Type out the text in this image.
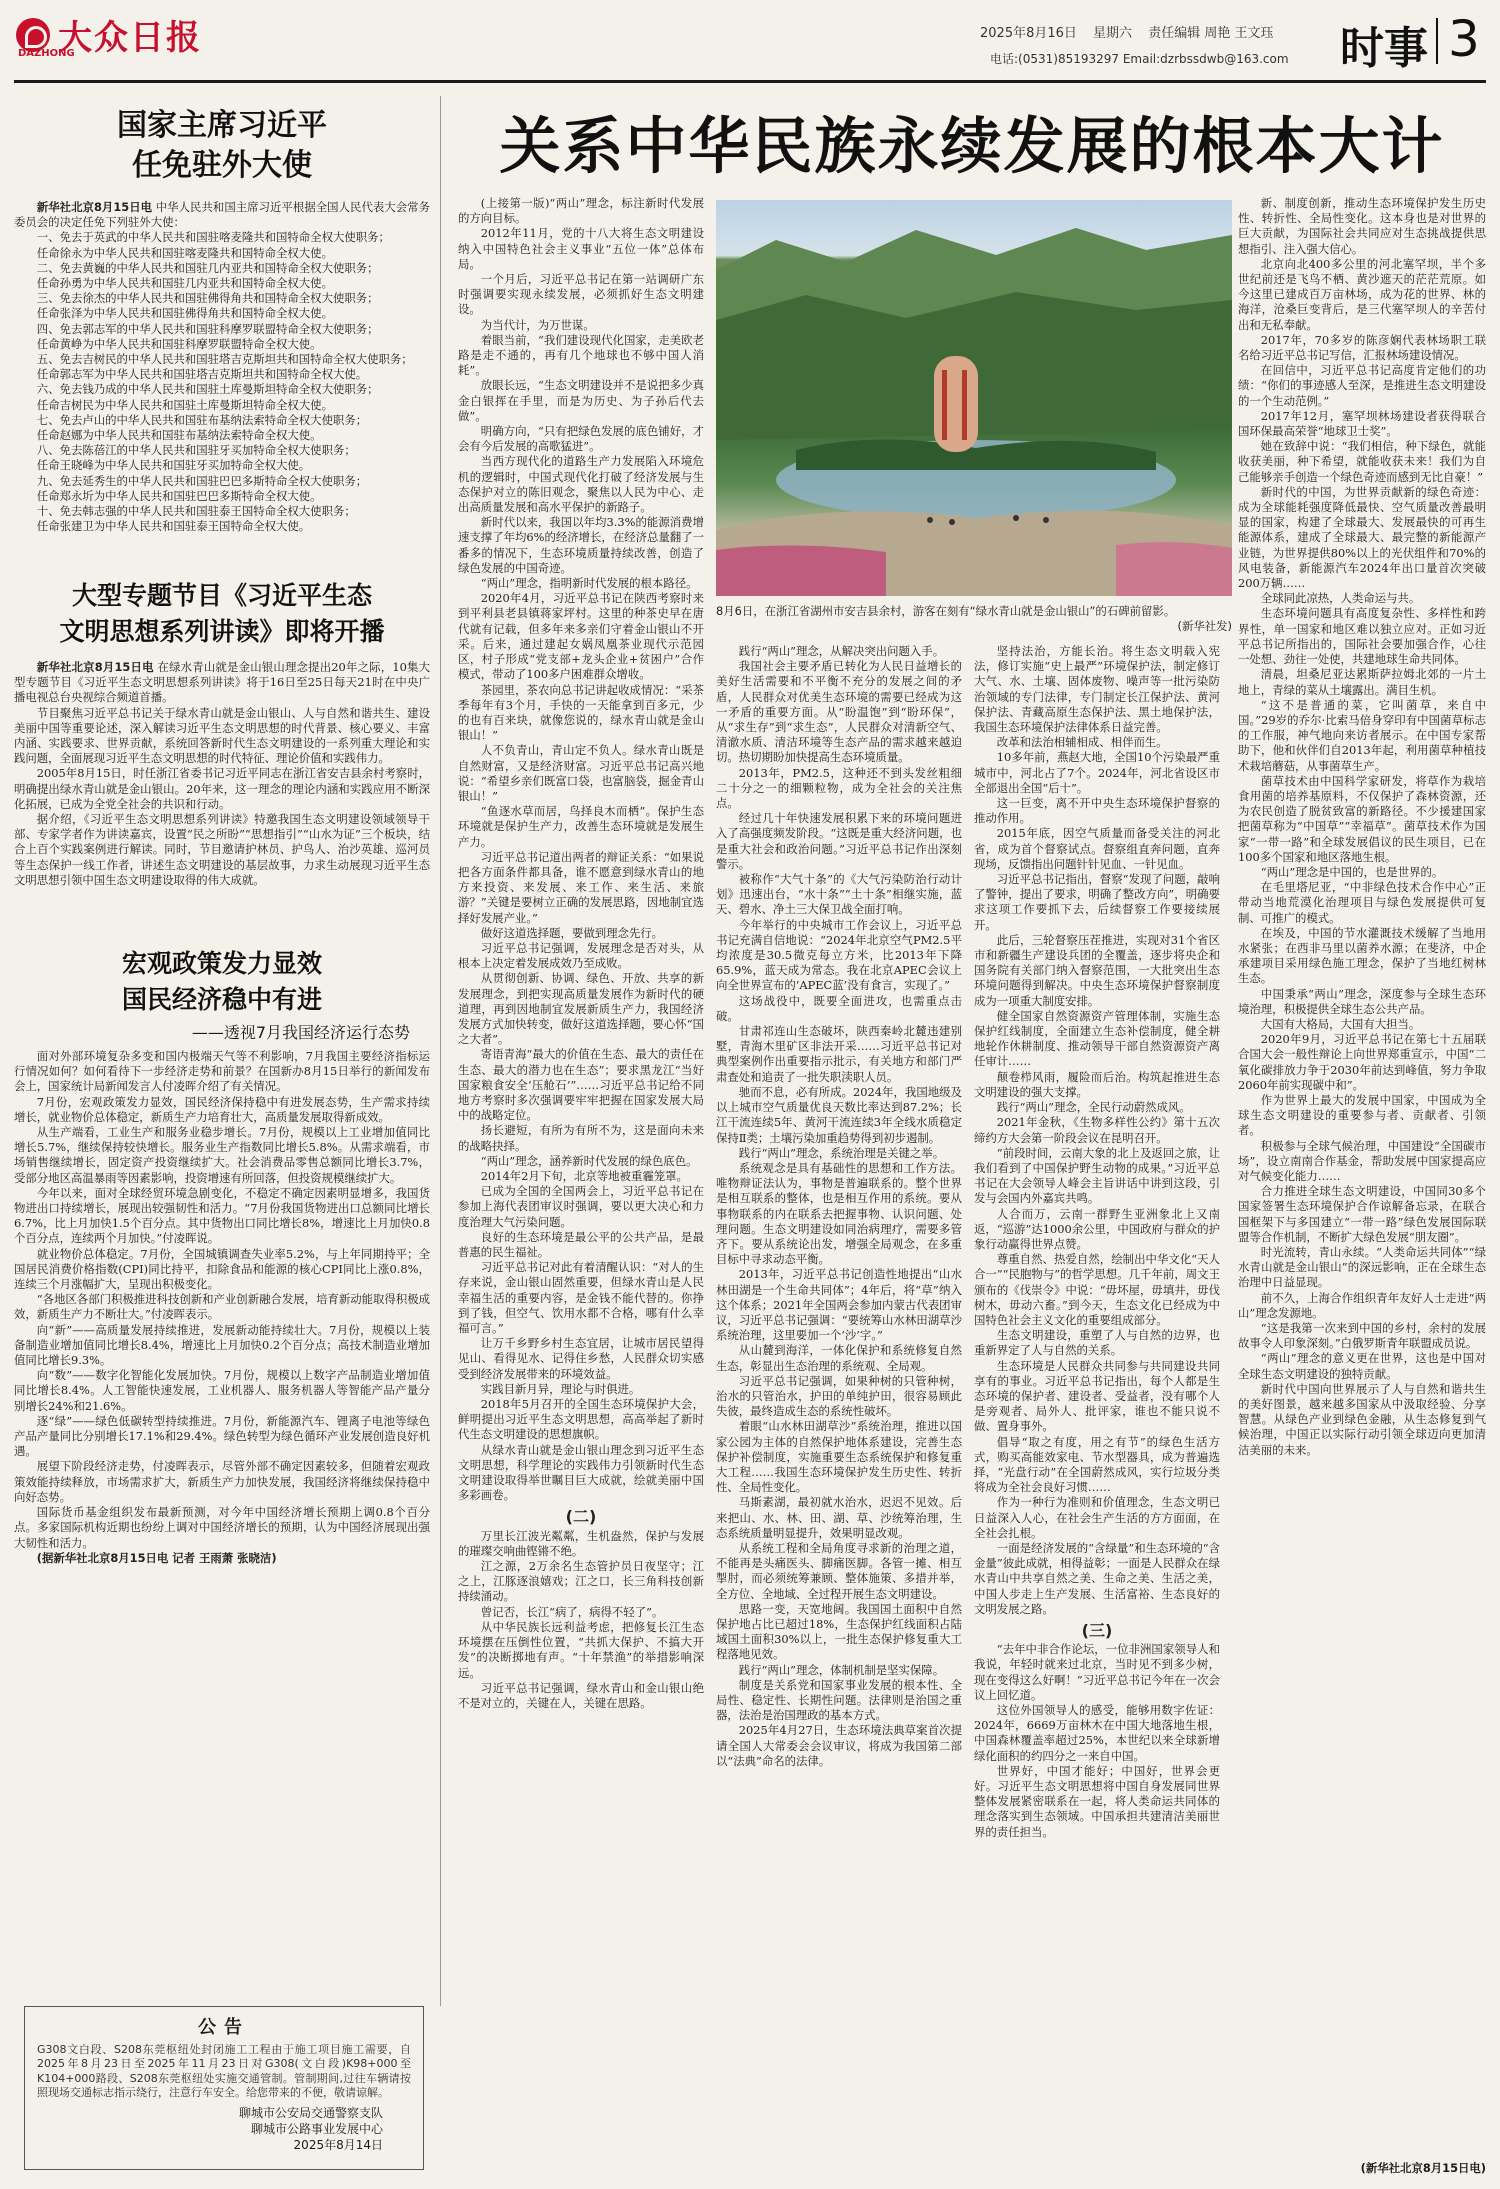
大众日报
DAZHONG
2025年8月16日 星期六 责任编辑 周艳 王文珏
电话:(0531)85193297 Email:dzrbssdwb@163.com 时事 3
国家主席习近平
任免驻外大使

新华社北京8月15日电 中华人民共和国主席习近平根据全国人民代表大会常务委员会的决定任免下列驻外大使：

一、免去于英武的中华人民共和国驻喀麦隆共和国特命全权大使职务；

任命徐永为中华人民共和国驻喀麦隆共和国特命全权大使。

二、免去黄巍的中华人民共和国驻几内亚共和国特命全权大使职务；

任命孙勇为中华人民共和国驻几内亚共和国特命全权大使。

三、免去徐杰的中华人民共和国驻佛得角共和国特命全权大使职务；

任命张泽为中华人民共和国驻佛得角共和国特命全权大使。

四、免去郭志军的中华人民共和国驻科摩罗联盟特命全权大使职务；

任命黄峥为中华人民共和国驻科摩罗联盟特命全权大使。

五、免去吉树民的中华人民共和国驻塔吉克斯坦共和国特命全权大使职务；

任命郭志军为中华人民共和国驻塔吉克斯坦共和国特命全权大使。

六、免去钱乃成的中华人民共和国驻土库曼斯坦特命全权大使职务；

任命吉树民为中华人民共和国驻土库曼斯坦特命全权大使。

七、免去卢山的中华人民共和国驻布基纳法索特命全权大使职务；

任命赵娜为中华人民共和国驻布基纳法索特命全权大使。

八、免去陈蓓江的中华人民共和国驻牙买加特命全权大使职务；

任命王晓峰为中华人民共和国驻牙买加特命全权大使。

九、免去延秀生的中华人民共和国驻巴巴多斯特命全权大使职务；

任命郑永圻为中华人民共和国驻巴巴多斯特命全权大使。

十、免去韩志强的中华人民共和国驻泰王国特命全权大使职务；

任命张建卫为中华人民共和国驻泰王国特命全权大使。

大型专题节目《习近平生态
文明思想系列讲读》即将开播

新华社北京8月15日电 在绿水青山就是金山银山理念提出20年之际，10集大型专题节目《习近平生态文明思想系列讲读》将于16日至25日每天21时在中央广播电视总台央视综合频道首播。

节目聚焦习近平总书记关于绿水青山就是金山银山、人与自然和谐共生、建设美丽中国等重要论述，深入解读习近平生态文明思想的时代背景、核心要义、丰富内涵、实践要求、世界贡献，系统回答新时代生态文明建设的一系列重大理论和实践问题，全面展现习近平生态文明思想的时代特征、理论价值和实践伟力。

2005年8月15日，时任浙江省委书记习近平同志在浙江省安吉县余村考察时，明确提出绿水青山就是金山银山。20年来，这一理念的理论内涵和实践应用不断深化拓展，已成为全党全社会的共识和行动。

据介绍，《习近平生态文明思想系列讲读》特邀我国生态文明建设领域领导干部、专家学者作为讲读嘉宾，设置“民之所盼”“思想指引”“山水为证”三个板块，结合上百个实践案例进行解读。同时，节目邀请护林员、护鸟人、治沙英雄、巡河员等生态保护一线工作者，讲述生态文明建设的基层故事，力求生动展现习近平生态文明思想引领中国生态文明建设取得的伟大成就。

宏观政策发力显效
国民经济稳中有进
——透视7月我国经济运行态势

面对外部环境复杂多变和国内极端天气等不利影响，7月我国主要经济指标运行情况如何？如何看待下一步经济走势和前景？在国新办8月15日举行的新闻发布会上，国家统计局新闻发言人付凌晖介绍了有关情况。

7月份，宏观政策发力显效，国民经济保持稳中有进发展态势，生产需求持续增长，就业物价总体稳定，新质生产力培育壮大，高质量发展取得新成效。

从生产端看，工业生产和服务业稳步增长。7月份，规模以上工业增加值同比增长5.7%，继续保持较快增长。服务业生产指数同比增长5.8%。从需求端看，市场销售继续增长，固定资产投资继续扩大。社会消费品零售总额同比增长3.7%，受部分地区高温暴雨等因素影响，投资增速有所回落，但投资规模继续扩大。

今年以来，面对全球经贸环境急剧变化，不稳定不确定因素明显增多，我国货物进出口持续增长，展现出较强韧性和活力。“7月份我国货物进出口总额同比增长6.7%，比上月加快1.5个百分点。其中货物出口同比增长8%，增速比上月加快0.8个百分点，连续两个月加快。”付凌晖说。

就业物价总体稳定。7月份，全国城镇调查失业率5.2%，与上年同期持平；全国居民消费价格指数(CPI)同比持平，扣除食品和能源的核心CPI同比上涨0.8%，连续三个月涨幅扩大，呈现出积极变化。

“各地区各部门积极推进科技创新和产业创新融合发展，培育新动能取得积极成效，新质生产力不断壮大。”付凌晖表示。

向“新”——高质量发展持续推进，发展新动能持续壮大。7月份，规模以上装备制造业增加值同比增长8.4%，增速比上月加快0.2个百分点；高技术制造业增加值同比增长9.3%。

向“数”——数字化智能化发展加快。7月份，规模以上数字产品制造业增加值同比增长8.4%。人工智能快速发展，工业机器人、服务机器人等智能产品产量分别增长24%和21.6%。

逐“绿”——绿色低碳转型持续推进。7月份，新能源汽车、锂离子电池等绿色产品产量同比分别增长17.1%和29.4%。绿色转型为绿色循环产业发展创造良好机遇。

展望下阶段经济走势，付凌晖表示，尽管外部不确定因素较多，但随着宏观政策效能持续释放，市场需求扩大，新质生产力加快发展，我国经济将继续保持稳中向好态势。

国际货币基金组织发布最新预测，对今年中国经济增长预期上调0.8个百分点。多家国际机构近期也纷纷上调对中国经济增长的预期，认为中国经济展现出强大韧性和活力。

(据新华社北京8月15日电 记者 王雨萧 张晓洁)

公告
G308文白段、S208东莞枢纽处封闭施工工程由于施工项目施工需要，自2025年8月23日至2025年11月23日对G308(文白段)K98+000至K104+000路段、S208东莞枢纽处实施交通管制。管制期间,过往车辆请按照现场交通标志指示绕行，注意行车安全。给您带来的不便，敬请谅解。
聊城市公安局交通警察支队
聊城市公路事业发展中心
2025年8月14日
关系中华民族永续发展的根本大计

(上接第一版)“两山”理念，标注新时代发展的方向目标。

2012年11月，党的十八大将生态文明建设纳入中国特色社会主义事业“五位一体”总体布局。

一个月后，习近平总书记在第一站调研广东时强调要实现永续发展，必须抓好生态文明建设。

为当代计，为万世谋。

着眼当前，“我们建设现代化国家，走美欧老路是走不通的，再有几个地球也不够中国人消耗”。

放眼长远，“生态文明建设并不是说把多少真金白银挥在手里，而是为历史、为子孙后代去做”。

明确方向，“只有把绿色发展的底色铺好，才会有今后发展的高歌猛进”。

当西方现代化的道路生产力发展陷入环境危机的逻辑时，中国式现代化打破了经济发展与生态保护对立的陈旧观念，聚焦以人民为中心、走出高质量发展和高水平保护的新路子。

新时代以来，我国以年均3.3%的能源消费增速支撑了年均6%的经济增长，在经济总量翻了一番多的情况下，生态环境质量持续改善，创造了绿色发展的中国奇迹。

“两山”理念，指明新时代发展的根本路径。

2020年4月，习近平总书记在陕西考察时来到平利县老县镇蒋家坪村。这里的种茶史早在唐代就有记载，但多年来多亲们守着金山银山不开采。后来，通过建起女娲凤凰茶业现代示范园区，村子形成“党支部+龙头企业+贫困户”合作模式，带动了100多户困难群众增收。

茶园里，茶农向总书记讲起收成情况：“采茶季每年有3个月，手快的一天能拿到百多元，少的也有百来块，就像您说的，绿水青山就是金山银山！”

人不负青山，青山定不负人。绿水青山既是自然财富，又是经济财富。习近平总书记高兴地说：“希望乡亲们既富口袋，也富脑袋，掘金青山银山！”

“鱼逐水草而居，鸟择良木而栖”。保护生态环境就是保护生产力，改善生态环境就是发展生产力。

习近平总书记道出两者的辩证关系：“如果说把各方面条件都具备，谁不愿意到绿水青山的地方来投资、来发展、来工作、来生活、来旅游？”关键是要树立正确的发展思路，因地制宜选择好发展产业。”

做好这道选择题，要做到理念先行。

习近平总书记强调，发展理念是否对头，从根本上决定着发展成效乃至成败。

从贯彻创新、协调、绿色、开放、共享的新发展理念，到把实现高质量发展作为新时代的硬道理，再到因地制宜发展新质生产力，我国经济发展方式加快转变，做好这道选择题，要心怀“国之大者”。

寄语青海“最大的价值在生态、最大的责任在生态、最大的潜力也在生态”；要求黑龙江“当好国家粮食安全‘压舱石’”……习近平总书记给不同地方考察时多次强调要牢牢把握在国家发展大局中的战略定位。

扬长避短，有所为有所不为，这是面向未来的战略抉择。

“两山”理念，涵养新时代发展的绿色底色。

2014年2月下旬，北京等地被重霾笼罩。

已成为全国的全国两会上，习近平总书记在参加上海代表团审议时强调，要以更大决心和力度治理大气污染问题。

良好的生态环境是最公平的公共产品，是最普惠的民生福祉。

习近平总书记对此有着清醒认识：“对人的生存来说，金山银山固然重要，但绿水青山是人民幸福生活的重要内容，是金钱不能代替的。你挣到了钱，但空气、饮用水都不合格，哪有什么幸福可言。”

让万千乡野乡村生态宜居，让城市居民望得见山、看得见水、记得住乡愁，人民群众切实感受到经济发展带来的环境效益。

实践目新月异，理论与时俱进。

2018年5月召开的全国生态环境保护大会，鲜明提出习近平生态文明思想，高高举起了新时代生态文明建设的思想旗帜。

从绿水青山就是金山银山理念到习近平生态文明思想，科学理论的实践伟力引领新时代生态文明建设取得举世瞩目巨大成就，绘就美丽中国多彩画卷。

(二)

万里长江波光粼粼，生机盎然，保护与发展的璀璨交响曲铿锵不绝。

江之源，2万余名生态管护员日夜坚守；江之上，江豚逐浪嬉戏；江之口，长三角科技创新持续涌动。

曾记否，长江“病了，病得不轻了”。

从中华民族长远利益考虑，把修复长江生态环境摆在压倒性位置，“共抓大保护、不搞大开发”的决断掷地有声。“十年禁渔”的举措影响深远。

习近平总书记强调，绿水青山和金山银山绝不是对立的，关键在人，关键在思路。

8月6日，在浙江省湖州市安吉县余村，游客在刻有“绿水青山就是金山银山”的石碑前留影。
(新华社发)

践行“两山”理念，从解决突出问题入手。

我国社会主要矛盾已转化为人民日益增长的美好生活需要和不平衡不充分的发展之间的矛盾，人民群众对优美生态环境的需要已经成为这一矛盾的重要方面。从“盼温饱”到“盼环保”，从“求生存”到“求生态”，人民群众对清新空气、清澈水质、清洁环境等生态产品的需求越来越迫切。热切期盼加快提高生态环境质量。

2013年，PM2.5，这种还不到头发丝粗细二十分之一的细颗粒物，成为全社会的关注焦点。

经过几十年快速发展积累下来的环境问题进入了高强度频发阶段。“这既是重大经济问题，也是重大社会和政治问题。”习近平总书记作出深刻警示。

被称作“大气十条”的《大气污染防治行动计划》迅速出台，“水十条”“土十条”相继实施，蓝天、碧水、净土三大保卫战全面打响。

今年举行的中央城市工作会议上，习近平总书记充满自信地说：“2024年北京空气PM2.5平均浓度是30.5微克每立方米，比2013年下降65.9%，蓝天成为常态。我在北京APEC会议上向全世界宣布的‘APEC蓝’没有食言，实现了。”

这场战役中，既要全面进攻，也需重点击破。

甘肃祁连山生态破坏，陕西秦岭北麓违建别墅，青海木里矿区非法开采……习近平总书记对典型案例作出重要指示批示，有关地方和部门严肃查处和追责了一批失职渎职人员。

驰而不息，必有所成。2024年，我国地级及以上城市空气质量优良天数比率达到87.2%；长江干流连续5年、黄河干流连续3年全线水质稳定保持Ⅱ类；土壤污染加重趋势得到初步遏制。

践行“两山”理念，系统治理是关键之举。

系统观念是具有基础性的思想和工作方法。唯物辩证法认为，事物是普遍联系的。整个世界是相互联系的整体，也是相互作用的系统。要从事物联系的内在联系去把握事物、认识问题、处理问题。生态文明建设如同治病理疗，需要多管齐下。要从系统论出发，增强全局观念，在多重目标中寻求动态平衡。

2013年，习近平总书记创造性地提出“山水林田湖是一个生命共同体”；4年后，将“草”纳入这个体系；2021年全国两会参加内蒙古代表团审议，习近平总书记强调：“要统筹山水林田湖草沙系统治理，这里要加一个‘沙’字。”

从山麓到海洋，一体化保护和系统修复自然生态，彰显出生态治理的系统观、全局观。

习近平总书记强调，如果种树的只管种树，治水的只管治水，护田的单纯护田，很容易顾此失彼，最终造成生态的系统性破坏。

着眼“山水林田湖草沙”系统治理，推进以国家公园为主体的自然保护地体系建设，完善生态保护补偿制度，实施重要生态系统保护和修复重大工程……我国生态环境保护发生历史性、转折性、全局性变化。

马斯素湖，最初就水治水，迟迟不见效。后来把山、水、林、田、湖、草、沙统筹治理，生态系统质量明显提升，效果明显改观。

从系统工程和全局角度寻求新的治理之道，不能再是头痛医头、脚痛医脚。各管一摊、相互掣肘，而必须统筹兼顾、整体施策、多措并举，全方位、全地域、全过程开展生态文明建设。

思路一变，天宽地阔。我国国土面积中自然保护地占比已超过18%，生态保护红线面积占陆域国土面积30%以上，一批生态保护修复重大工程落地见效。

践行“两山”理念，体制机制是坚实保障。

制度是关系党和国家事业发展的根本性、全局性、稳定性、长期性问题。法律则是治国之重器，法治是治国理政的基本方式。

2025年4月27日，生态环境法典草案首次提请全国人大常委会会议审议，将成为我国第二部以“法典”命名的法律。

坚持法治，方能长治。将生态文明载入宪法，修订实施“史上最严”环境保护法，制定修订大气、水、土壤、固体废物、噪声等一批污染防治领域的专门法律，专门制定长江保护法、黄河保护法、青藏高原生态保护法、黑土地保护法，我国生态环境保护法律体系日益完善。

改革和法治相辅相成、相伴而生。

10多年前，燕赵大地，全国10个污染最严重城市中，河北占了7个。2024年，河北省设区市全部退出全国“后十”。

这一巨变，离不开中央生态环境保护督察的推动作用。

2015年底，因空气质量而备受关注的河北省，成为首个督察试点。督察组直奔问题，直奔现场，反馈指出问题针针见血、一针见血。

习近平总书记指出，督察“发现了问题，敲响了警钟，提出了要求，明确了整改方向”，明确要求这项工作要抓下去，后续督察工作要接续展开。

此后，三轮督察压茬推进，实现对31个省区市和新疆生产建设兵团的全覆盖，逐步将央企和国务院有关部门纳入督察范围，一大批突出生态环境问题得到解决。中央生态环境保护督察制度成为一项重大制度安排。

健全国家自然资源资产管理体制，实施生态保护红线制度，全面建立生态补偿制度，健全耕地轮作休耕制度、推动领导干部自然资源资产离任审计……

颠卷栉风雨，履险而后治。构筑起推进生态文明建设的强大支撑。

践行“两山”理念，全民行动蔚然成风。

2021年金秋，《生物多样性公约》第十五次缔约方大会第一阶段会议在昆明召开。

“前段时间，云南大象的北上及返回之旅，让我们看到了中国保护野生动物的成果。”习近平总书记在大会领导人峰会主旨讲话中讲到这段，引发与会国内外嘉宾共鸣。

人合而万，云南一群野生亚洲象北上又南返，“巡游”达1000余公里，中国政府与群众的护象行动赢得世界点赞。

尊重自然、热爱自然，绘制出中华文化“天人合一”“民胞物与”的哲学思想。几千年前，周文王颁布的《伐崇令》中说：“毋坏屋，毋填井，毋伐树木，毋动六畜。”到今天，生态文化已经成为中国特色社会主义文化的重要组成部分。

生态文明建设，重塑了人与自然的边界，也重新界定了人与自然的关系。

生态环境是人民群众共同参与共同建设共同享有的事业。习近平总书记指出，每个人都是生态环境的保护者、建设者、受益者，没有哪个人是旁观者、局外人、批评家，谁也不能只说不做、置身事外。

倡导“取之有度，用之有节”的绿色生活方式，购买高能效家电、节水型器具，成为普遍选择，“光盘行动”在全国蔚然成风，实行垃圾分类将成为全社会良好习惯……

作为一种行为准则和价值理念，生态文明已日益深入人心，在社会生产生活的方方面面，在全社会扎根。

一面是经济发展的“含绿量”和生态环境的“含金量”彼此成就，相得益彰；一面是人民群众在绿水青山中共享自然之美、生命之美、生活之美，中国人步走上生产发展、生活富裕、生态良好的文明发展之路。

(三)

“去年中非合作论坛，一位非洲国家领导人和我说，年轻时就来过北京，当时见不到多少树，现在变得这么好啊！”习近平总书记今年在一次会议上回忆道。

这位外国领导人的感受，能够用数字佐证：2024年，6669万亩林木在中国大地落地生根，中国森林覆盖率超过25%，本世纪以来全球新增绿化面积的约四分之一来自中国。

世界好，中国才能好；中国好，世界会更好。习近平生态文明思想将中国自身发展同世界整体发展紧密联系在一起，将人类命运共同体的理念落实到生态领域。中国承担共建清洁美丽世界的责任担当。

新、制度创新，推动生态环境保护发生历史性、转折性、全局性变化。这本身也是对世界的巨大贡献，为国际社会共同应对生态挑战提供思想指引、注入强大信心。

北京向北400多公里的河北塞罕坝，半个多世纪前还是飞鸟不栖、黄沙遮天的茫茫荒原。如今这里已建成百万亩林场，成为花的世界、林的海洋，沧桑巨变背后，是三代塞罕坝人的辛苦付出和无私奉献。

2017年，70多岁的陈彦娴代表林场职工联名给习近平总书记写信，汇报林场建设情况。

在回信中，习近平总书记高度肯定他们的功绩：“你们的事迹感人至深，是推进生态文明建设的一个生动范例。”

2017年12月，塞罕坝林场建设者获得联合国环保最高荣誉“地球卫士奖”。

她在致辞中说：“我们相信，种下绿色，就能收获美丽，种下希望，就能收获未来！我们为自己能够亲手创造一个绿色奇迹而感到无比自豪！”

新时代的中国，为世界贡献新的绿色奇迹：成为全球能耗强度降低最快、空气质量改善最明显的国家，构建了全球最大、发展最快的可再生能源体系，建成了全球最大、最完整的新能源产业链，为世界提供80%以上的光伏组件和70%的风电装备，新能源汽车2024年出口量首次突破200万辆……

全球同此凉热，人类命运与共。

生态环境问题具有高度复杂性、多样性和跨界性，单一国家和地区难以独立应对。正如习近平总书记所指出的，国际社会要加强合作，心往一处想、劲往一处使，共建地球生命共同体。

清晨，坦桑尼亚达累斯萨拉姆北郊的一片土地上，青绿的菜从土壤露出。满目生机。

“这不是普通的菜，它叫菌草，来自中国。”29岁的乔尔·比索马倍身穿印有中国菌草标志的工作服，神气地向来访者展示。在中国专家帮助下，他和伙伴们自2013年起，利用菌草种植技术栽培蘑菇，从事菌草生产。

菌草技术由中国科学家研发，将草作为栽培食用菌的培养基原料，不仅保护了森林资源，还为农民创造了脱贫致富的新路径。不少援建国家把菌草称为“中国草”“幸福草”。菌草技术作为国家“一带一路”和全球发展倡议的民生项目，已在100多个国家和地区落地生根。

“两山”理念是中国的，也是世界的。

在毛里塔尼亚，“中非绿色技术合作中心”正带动当地荒漠化治理项目与绿色发展提供可复制、可推广的模式。

在埃及，中国的节水灌溉技术缓解了当地用水紧张；在西非马里以菌养水源；在斐济，中企承建项目采用绿色施工理念，保护了当地红树林生态。

中国秉承“两山”理念，深度参与全球生态环境治理，积极提供全球生态公共产品。

大国有大格局，大国有大担当。

2020年9月，习近平总书记在第七十五届联合国大会一般性辩论上向世界郑重宣示，中国“二氧化碳排放力争于2030年前达到峰值，努力争取2060年前实现碳中和”。

作为世界上最大的发展中国家，中国成为全球生态文明建设的重要参与者、贡献者、引领者。

积极参与全球气候治理，中国建设“全国碳市场”，设立南南合作基金，帮助发展中国家提高应对气候变化能力……

合力推进全球生态文明建设，中国同30多个国家签署生态环境保护合作谅解备忘录，在联合国框架下与多国建立“一带一路”绿色发展国际联盟等合作机制，不断扩大绿色发展“朋友圈”。

时光流转，青山永续。“人类命运共同体”“绿水青山就是金山银山”的深远影响，正在全球生态治理中日益显现。

前不久，上海合作组织青年友好人士走进“两山”理念发源地。

“这是我第一次来到中国的乡村，余村的发展故事令人印象深刻。”白俄罗斯青年联盟成员说。

“两山”理念的意义更在世界，这也是中国对全球生态文明建设的独特贡献。

新时代中国向世界展示了人与自然和谐共生的美好图景，越来越多国家从中汲取经验、分享智慧。从绿色产业到绿色金融，从生态修复到气候治理，中国正以实际行动引领全球迈向更加清洁美丽的未来。

(新华社北京8月15日电)
